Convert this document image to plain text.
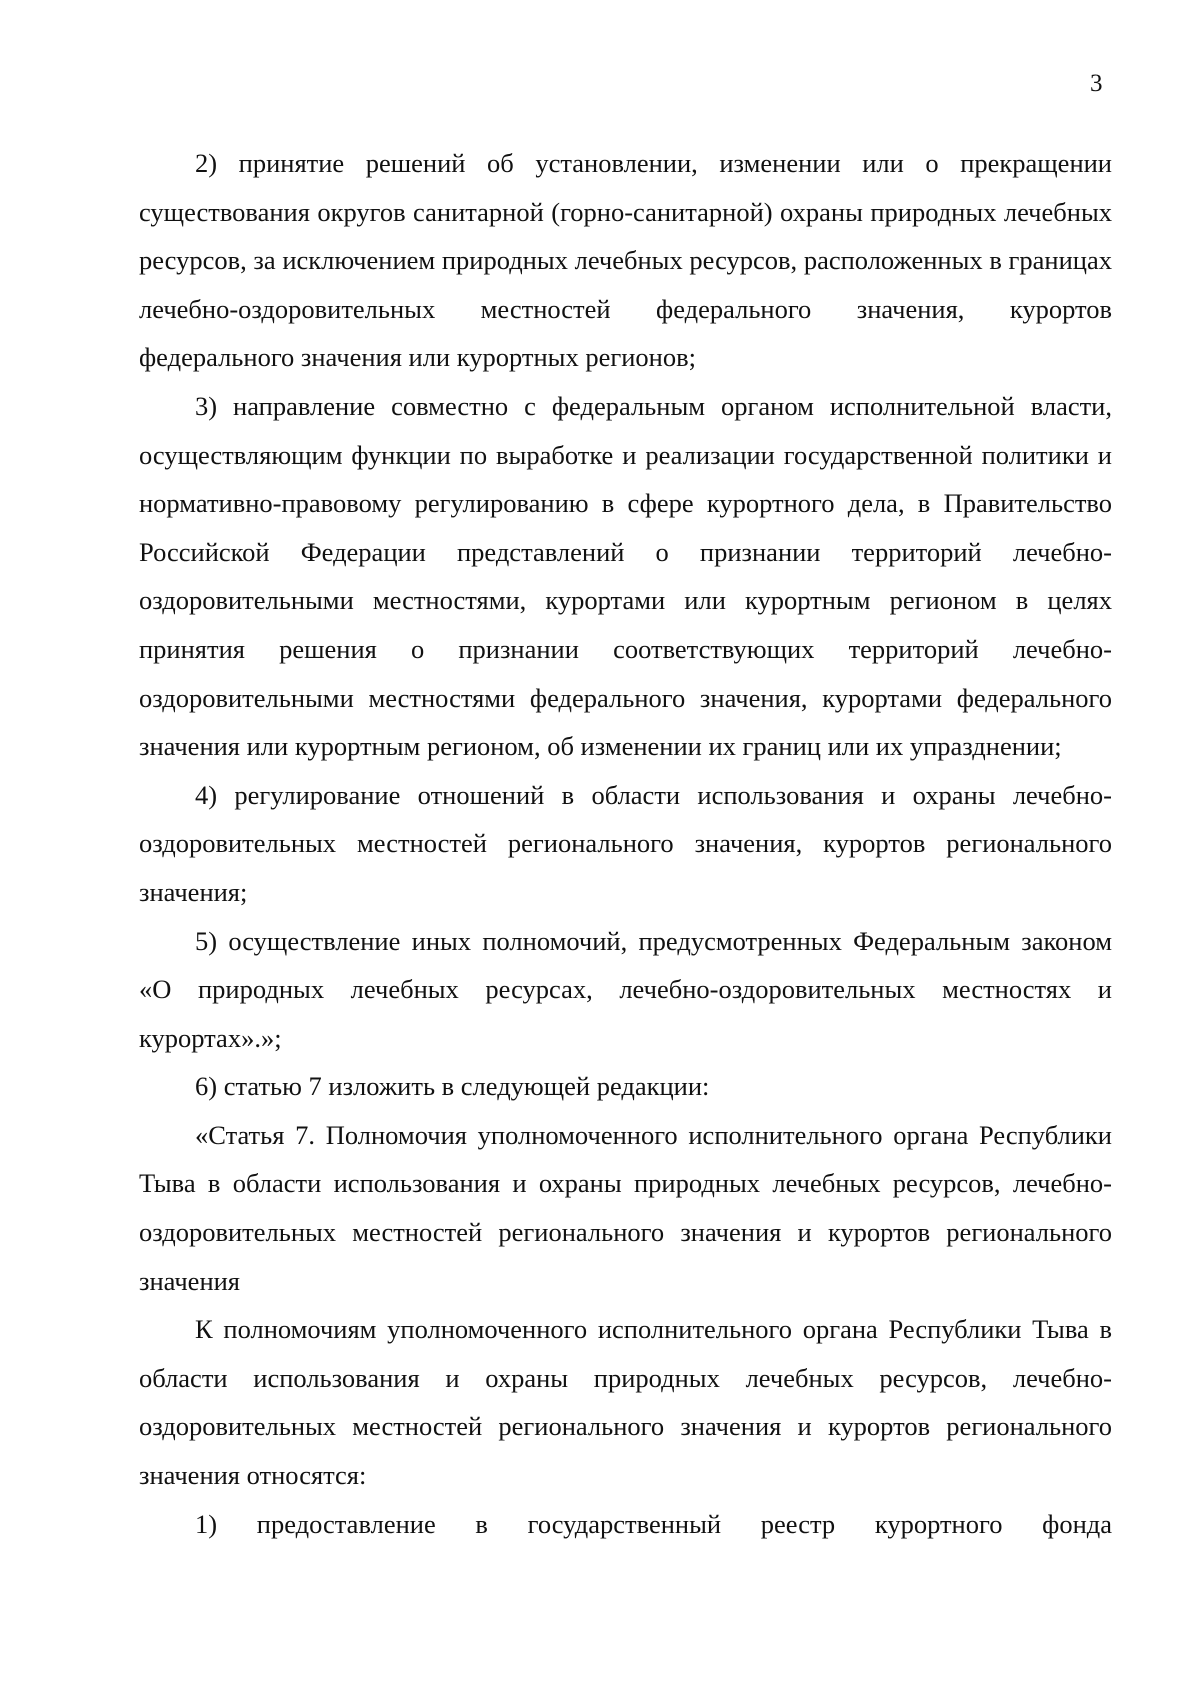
3

2) принятие решений об установлении, изменении или о прекращении существования округов санитарной (горно-санитарной) охраны природных лечебных ресурсов, за исключением природных лечебных ресурсов, расположенных в границах лечебно-оздоровительных местностей федерального значения, курортов федерального значения или курортных регионов;

3) направление совместно с федеральным органом исполнительной власти, осуществляющим функции по выработке и реализации государственной политики и нормативно-правовому регулированию в сфере курортного дела, в Правительство Российской Федерации представлений о признании территорий лечебно-оздоровительными местностями, курортами или курортным регионом в целях принятия решения о признании соответствующих территорий лечебно-оздоровительными местностями федерального значения, курортами федерального значения или курортным регионом, об изменении их границ или их упразднении;

4) регулирование отношений в области использования и охраны лечебно-оздоровительных местностей регионального значения, курортов регионального значения;

5) осуществление иных полномочий, предусмотренных Федеральным законом «О природных лечебных ресурсах, лечебно-оздоровительных местностях и курортах».»;

6) статью 7 изложить в следующей редакции:

«Статья 7. Полномочия уполномоченного исполнительного органа Республики Тыва в области использования и охраны природных лечебных ресурсов, лечебно-оздоровительных местностей регионального значения и курортов регионального значения

К полномочиям уполномоченного исполнительного органа Республики Тыва в области использования и охраны природных лечебных ресурсов, лечебно-оздоровительных местностей регионального значения и курортов регионального значения относятся:

1) предоставление в государственный реестр курортного фонда
